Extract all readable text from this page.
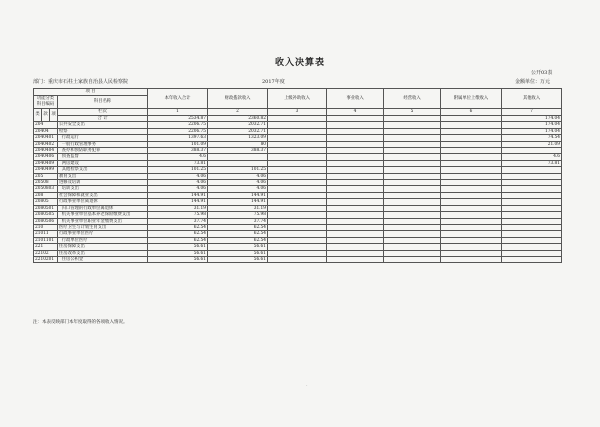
收入决算表
公开03表
部门：重庆市石柱土家族自治县人民检察院	2017年度	金额单位：万元
项 目				本年收入合计	财政拨款收入	上级补助收入	事业收入	经营收入	附属单位上缴收入	其他收入
功能分类
科目编码			科目名称							

类	款	项	栏次	1	2	3	4	5	6	7
			合 计	2534.87	2360.82					174.04
204			公共安全支出	2206.75	2032.71					174.04
20404			检察	2206.75	2032.71					174.04
2040401			行政运行	1397.63	1323.09					74.54
2040402			一般行政管理事务	101.09	80					21.09
2040404			查办和预防职务犯罪	388.37	388.37					
2040406			侦查监督	4.6						4.6
2040409			两房建设	73.81						73.81
2040499			其他检察支出	101.25	101.25					
205			教育支出	4.06	4.06					
20508			进修及培训	4.06	4.06					
2050803			培训支出	4.06	4.06					
208			社会保障和就业支出	144.91	144.91					
20805			行政事业单位离退休	144.91	144.91					
2080501			归口管理的行政单位离退休	31.19	31.19					
2080505			机关事业单位基本养老保险缴费支出	75.98	75.98					
2080506			机关事业单位职业年金缴费支出	37.74	37.74					
210			医疗卫生与计划生育支出	62.54	62.54					
21011			行政事业单位医疗	62.54	62.54					
2101101			行政单位医疗	62.54	62.54					
221			住房保障支出	56.61	56.61					
22102			住房改革支出	56.61	56.61					
2210201			住房公积金	56.61	56.61					
注：本表反映部门本年度取得的各项收入情况。
·
